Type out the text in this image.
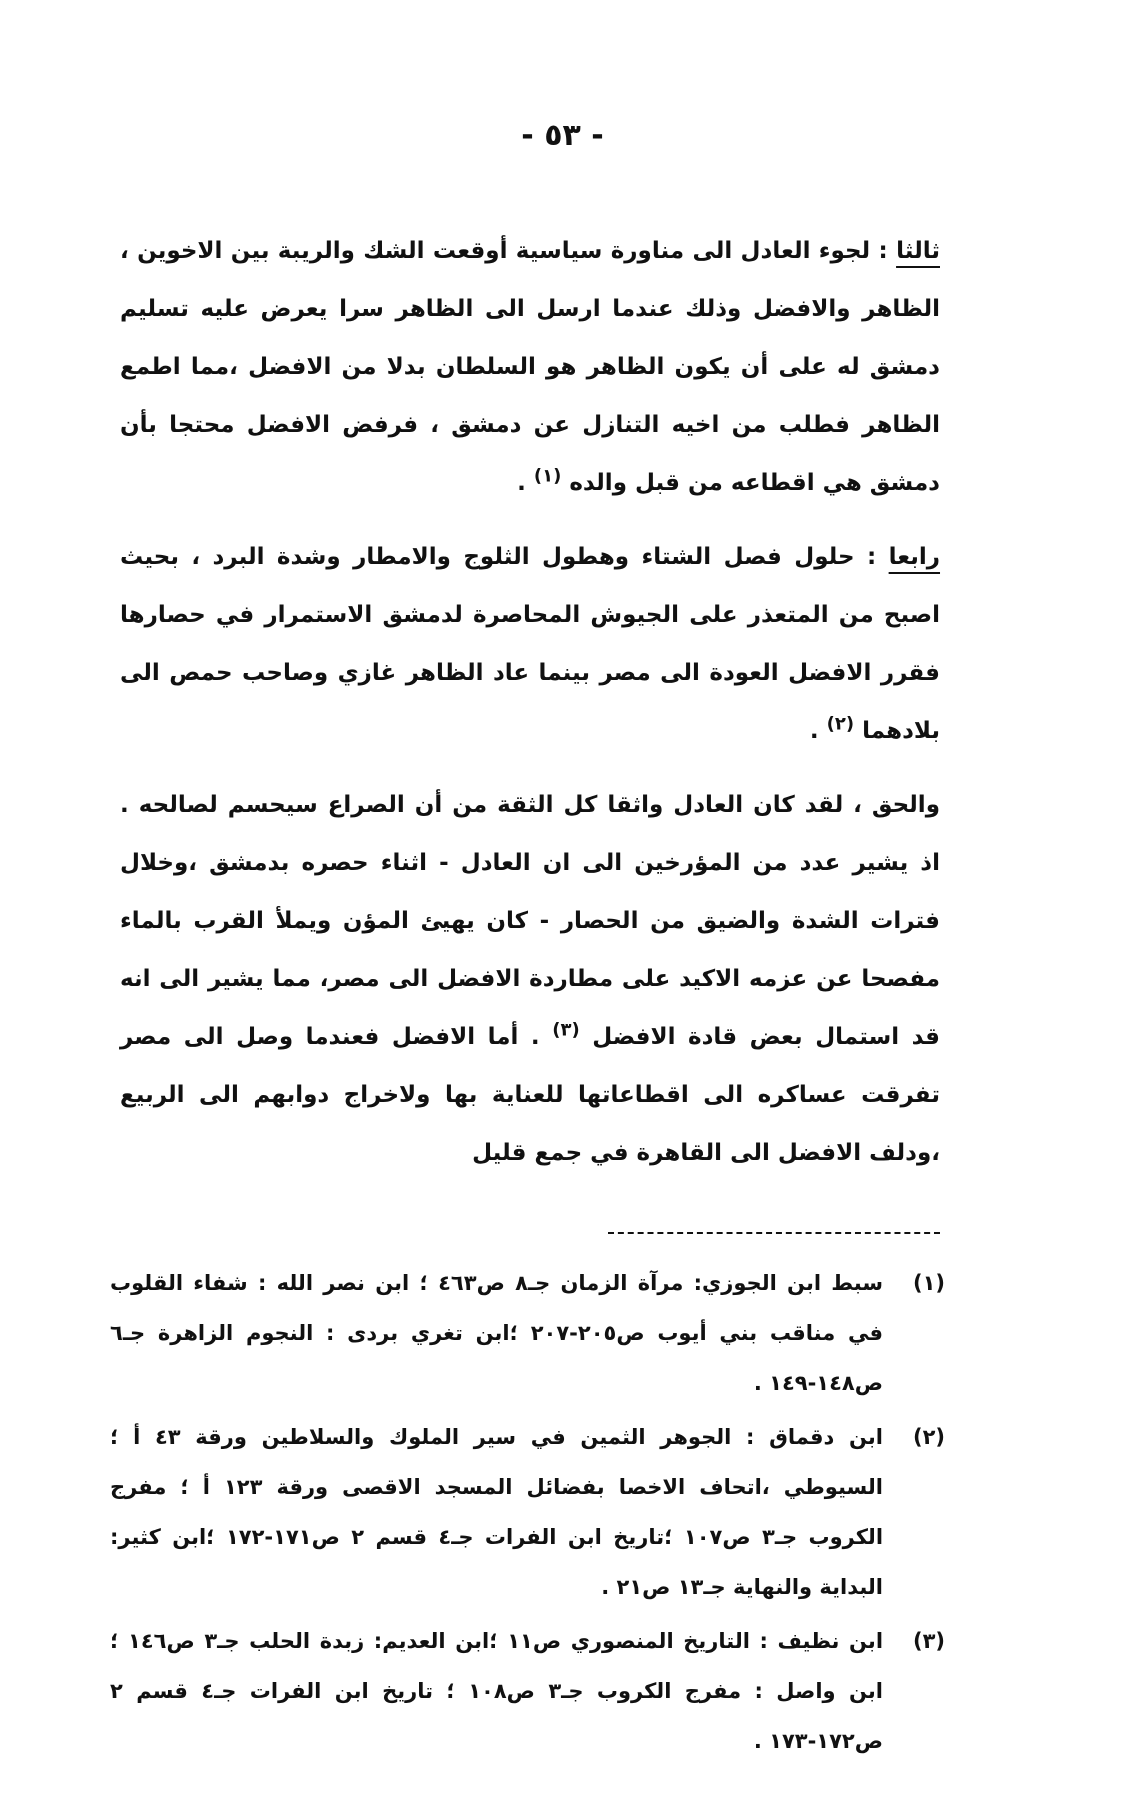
- ٥٣ -

ثالثا : لجوء العادل الى مناورة سياسية أوقعت الشك والريبة بين الاخوين ، الظاهر والافضل وذلك عندما ارسل الى الظاهر سرا يعرض عليه تسليم دمشق له على أن يكون الظاهر هو السلطان بدلا من الافضل ،مما اطمع الظاهر فطلب من اخيه التنازل عن دمشق ، فرفض الافضل محتجا بأن دمشق هي اقطاعه من قبل والده $^{(١)}$ .

رابعا : حلول فصل الشتاء وهطول الثلوج والامطار وشدة البرد ، بحيث اصبح من المتعذر على الجيوش المحاصرة لدمشق الاستمرار في حصارها فقرر الافضل العودة الى مصر بينما عاد الظاهر غازي وصاحب حمص الى بلادهما $^{(٢)}$ .

والحق ، لقد كان العادل واثقا كل الثقة من أن الصراع سيحسم لصالحه . اذ يشير عدد من المؤرخين الى ان العادل - اثناء حصره بدمشق ،وخلال فترات الشدة والضيق من الحصار - كان يهيئ المؤن ويملأ القرب بالماء مفصحا عن عزمه الاكيد على مطاردة الافضل الى مصر، مما يشير الى انه قد استمال بعض قادة الافضل $^{(٣)}$ . أما الافضل فعندما وصل الى مصر تفرقت عساكره الى اقطاعاتها للعناية بها ولاخراج دوابهم الى الربيع ،ودلف الافضل الى القاهرة في جمع قليل

(١)
سبط ابن الجوزي: مرآة الزمان جـ٨ ص٤٦٣ ؛ ابن نصر الله : شفاء القلوب في مناقب بني أيوب ص٢٠٥-٢٠٧ ؛ابن تغري بردى : النجوم الزاهرة جـ٦ ص١٤٨-١٤٩ .
(٢)
ابن دقماق : الجوهر الثمين في سير الملوك والسلاطين ورقة ٤٣ أ ؛ السيوطي ،اتحاف الاخصا بفضائل المسجد الاقصى ورقة ١٢٣ أ ؛ مفرج الكروب جـ٣ ص١٠٧ ؛تاريخ ابن الفرات جـ٤ قسم ٢ ص١٧١-١٧٢ ؛ابن كثير: البداية والنهاية جـ١٣ ص٢١ .
(٣)
ابن نظيف : التاريخ المنصوري ص١١ ؛ابن العديم: زبدة الحلب جـ٣ ص١٤٦ ؛ابن واصل : مفرج الكروب جـ٣ ص١٠٨ ؛ تاريخ ابن الفرات جـ٤ قسم ٢ ص١٧٢-١٧٣ .
